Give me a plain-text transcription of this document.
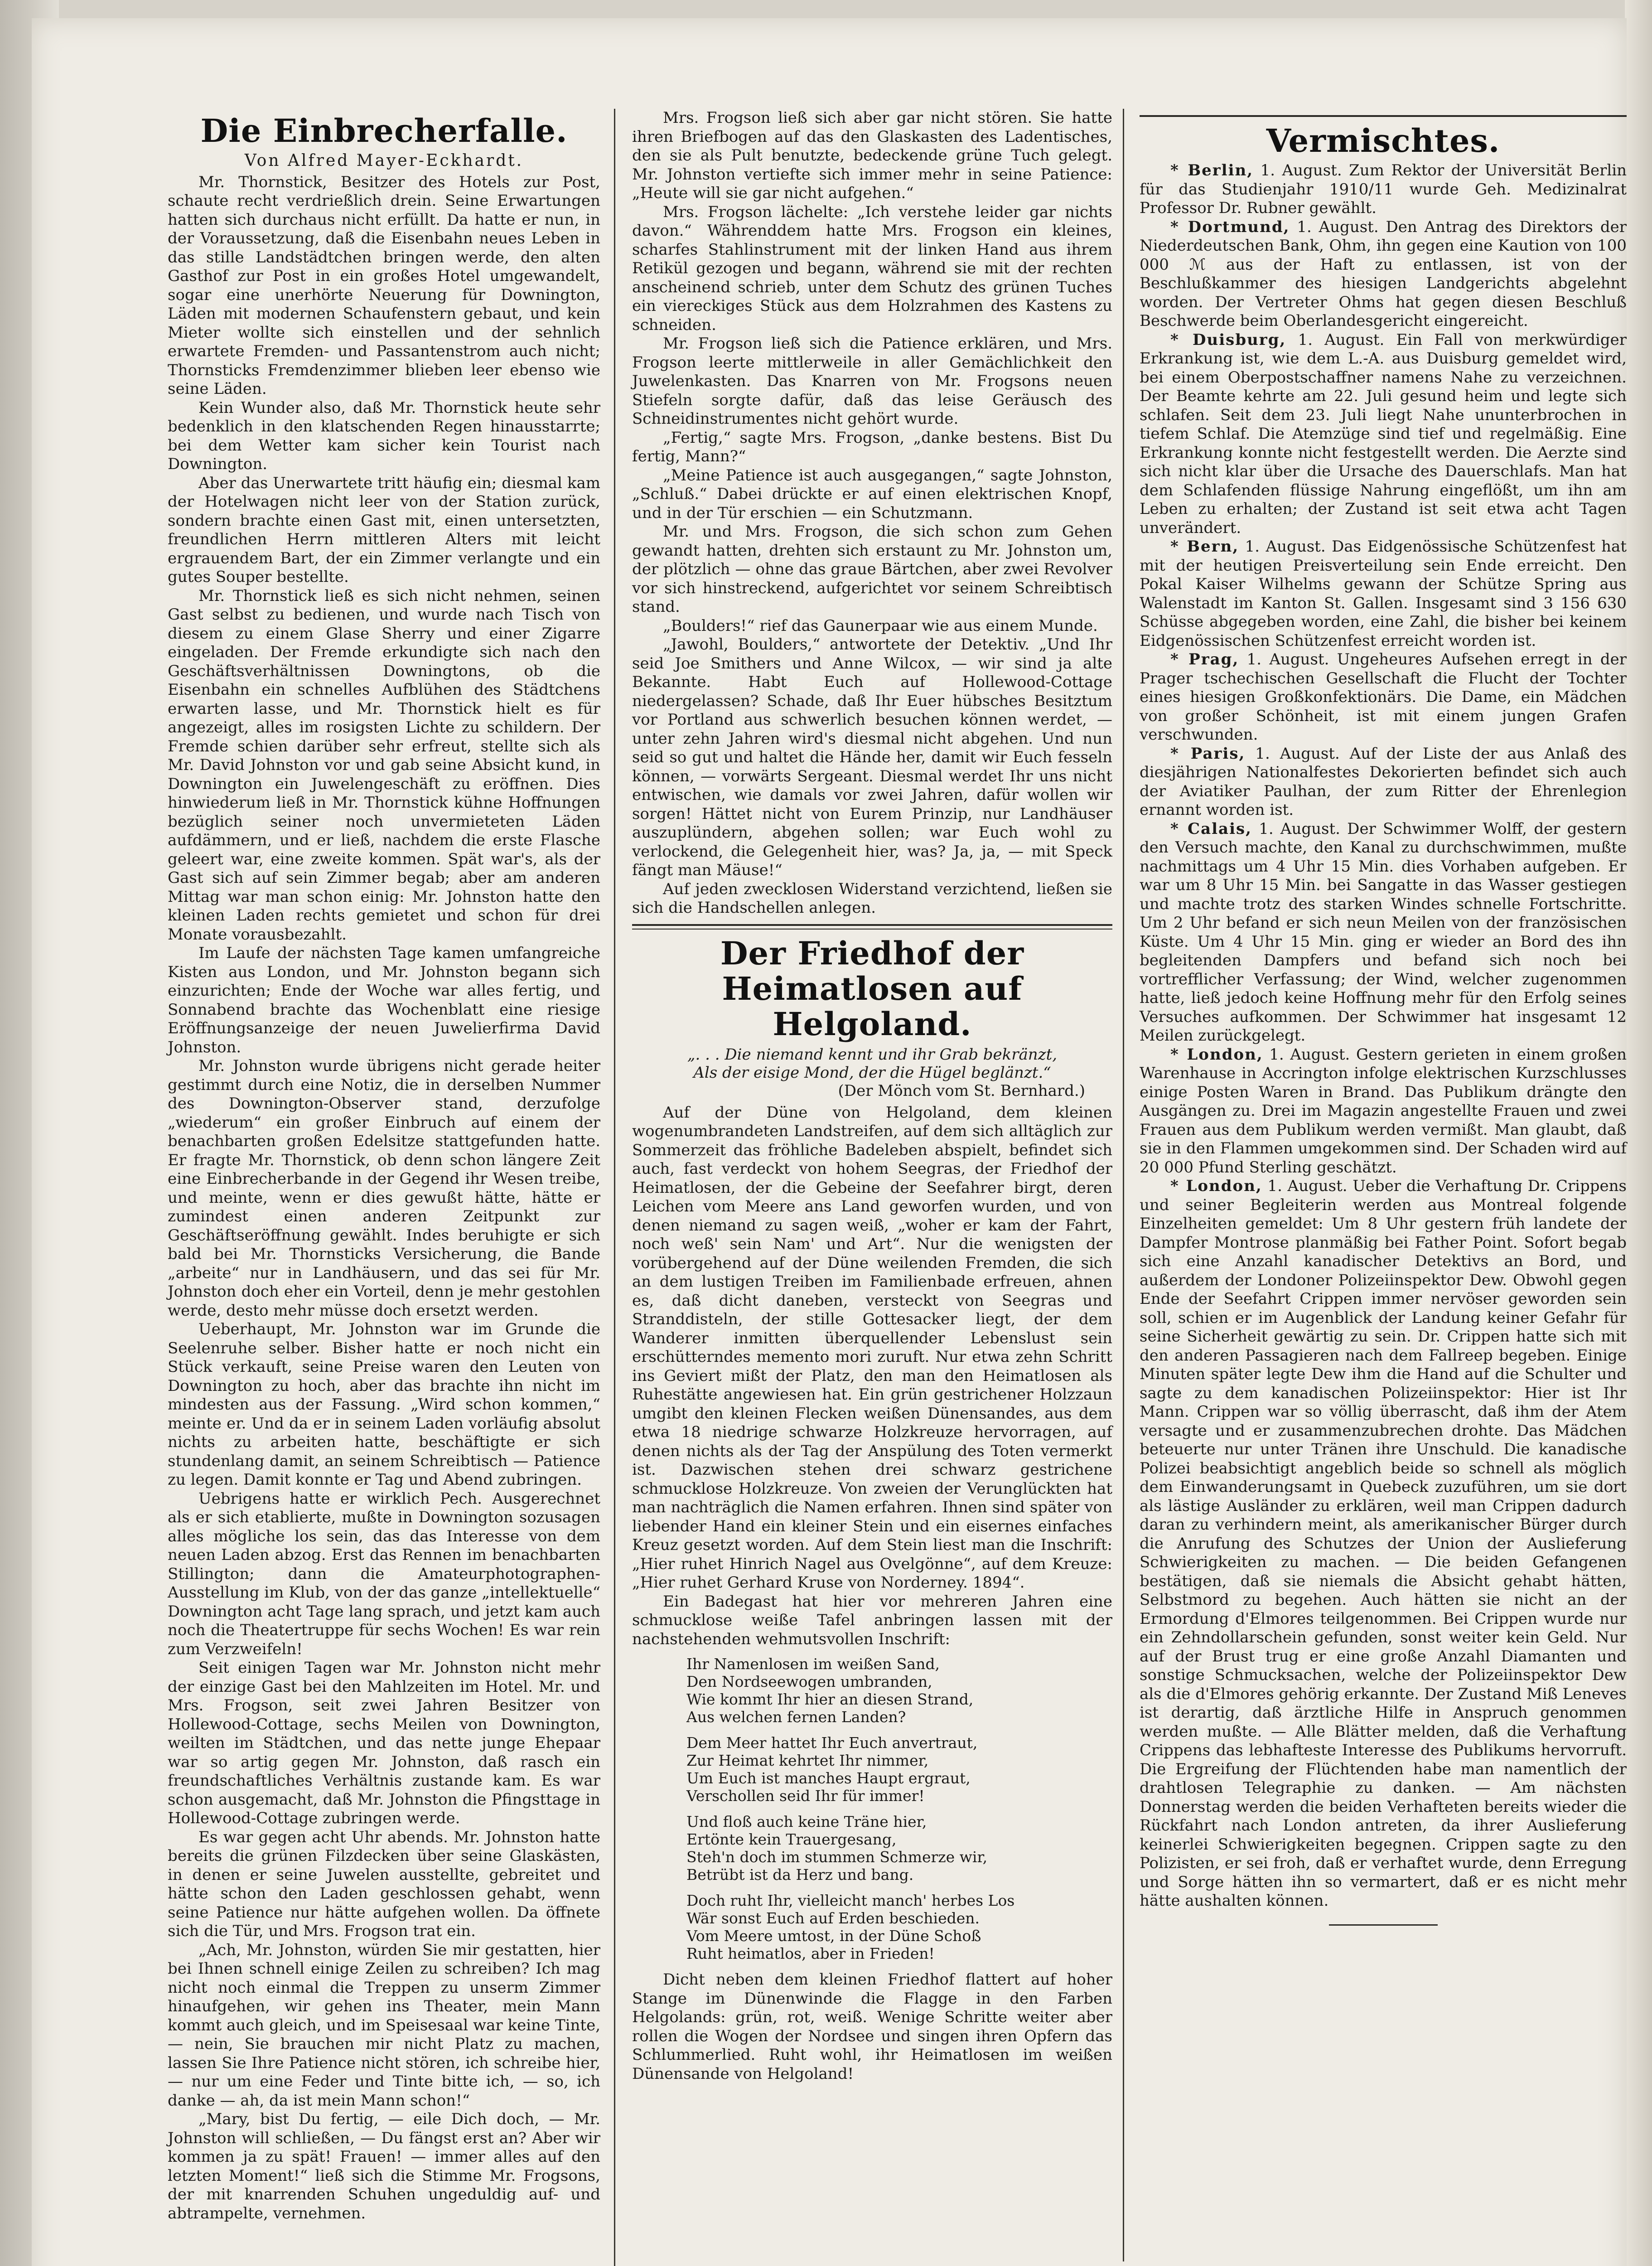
Die Einbrecherfalle.
Von Alfred Mayer-Eckhardt.

Mr. Thornstick, Besitzer des Hotels zur Post, schaute recht verdrießlich drein. Seine Erwartungen hatten sich durchaus nicht erfüllt. Da hatte er nun, in der Voraussetzung, daß die Eisenbahn neues Leben in das stille Landstädtchen bringen werde, den alten Gasthof zur Post in ein großes Hotel umgewandelt, sogar eine unerhörte Neuerung für Downington, Läden mit modernen Schaufenstern gebaut, und kein Mieter wollte sich einstellen und der sehnlich erwartete Fremden- und Passantenstrom auch nicht; Thornsticks Fremdenzimmer blieben leer ebenso wie seine Läden.

Kein Wunder also, daß Mr. Thornstick heute sehr bedenklich in den klatschenden Regen hinausstarrte; bei dem Wetter kam sicher kein Tourist nach Downington.

Aber das Unerwartete tritt häufig ein; diesmal kam der Hotelwagen nicht leer von der Station zurück, sondern brachte einen Gast mit, einen untersetzten, freundlichen Herrn mittleren Alters mit leicht ergrauendem Bart, der ein Zimmer verlangte und ein gutes Souper bestellte.

Mr. Thornstick ließ es sich nicht nehmen, seinen Gast selbst zu bedienen, und wurde nach Tisch von diesem zu einem Glase Sherry und einer Zigarre eingeladen. Der Fremde erkundigte sich nach den Geschäftsverhältnissen Downingtons, ob die Eisenbahn ein schnelles Aufblühen des Städtchens erwarten lasse, und Mr. Thornstick hielt es für angezeigt, alles im rosigsten Lichte zu schildern. Der Fremde schien darüber sehr erfreut, stellte sich als Mr. David Johnston vor und gab seine Absicht kund, in Downington ein Juwelengeschäft zu eröffnen. Dies hinwiederum ließ in Mr. Thornstick kühne Hoffnungen bezüglich seiner noch unvermieteten Läden aufdämmern, und er ließ, nachdem die erste Flasche geleert war, eine zweite kommen. Spät war's, als der Gast sich auf sein Zimmer begab; aber am anderen Mittag war man schon einig: Mr. Johnston hatte den kleinen Laden rechts gemietet und schon für drei Monate vorausbezahlt.

Im Laufe der nächsten Tage kamen umfangreiche Kisten aus London, und Mr. Johnston begann sich einzurichten; Ende der Woche war alles fertig, und Sonnabend brachte das Wochenblatt eine riesige Eröffnungsanzeige der neuen Juwelierfirma David Johnston.

Mr. Johnston wurde übrigens nicht gerade heiter gestimmt durch eine Notiz, die in derselben Nummer des Downington-Observer stand, derzufolge „wiederum“ ein großer Einbruch auf einem der benachbarten großen Edelsitze stattgefunden hatte. Er fragte Mr. Thornstick, ob denn schon längere Zeit eine Einbrecherbande in der Gegend ihr Wesen treibe, und meinte, wenn er dies gewußt hätte, hätte er zumindest einen anderen Zeitpunkt zur Geschäftseröffnung gewählt. Indes beruhigte er sich bald bei Mr. Thornsticks Versicherung, die Bande „arbeite“ nur in Landhäusern, und das sei für Mr. Johnston doch eher ein Vorteil, denn je mehr gestohlen werde, desto mehr müsse doch ersetzt werden.

Ueberhaupt, Mr. Johnston war im Grunde die Seelenruhe selber. Bisher hatte er noch nicht ein Stück verkauft, seine Preise waren den Leuten von Downington zu hoch, aber das brachte ihn nicht im mindesten aus der Fassung. „Wird schon kommen,“ meinte er. Und da er in seinem Laden vorläufig absolut nichts zu arbeiten hatte, beschäftigte er sich stundenlang damit, an seinem Schreibtisch — Patience zu legen. Damit konnte er Tag und Abend zubringen.

Uebrigens hatte er wirklich Pech. Ausgerechnet als er sich etablierte, mußte in Downington sozusagen alles mögliche los sein, das das Interesse von dem neuen Laden abzog. Erst das Rennen im benachbarten Stillington; dann die Amateurphotographen-Ausstellung im Klub, von der das ganze „intellektuelle“ Downington acht Tage lang sprach, und jetzt kam auch noch die Theatertruppe für sechs Wochen! Es war rein zum Verzweifeln!

Seit einigen Tagen war Mr. Johnston nicht mehr der einzige Gast bei den Mahlzeiten im Hotel. Mr. und Mrs. Frogson, seit zwei Jahren Besitzer von Hollewood-Cottage, sechs Meilen von Downington, weilten im Städtchen, und das nette junge Ehepaar war so artig gegen Mr. Johnston, daß rasch ein freundschaftliches Verhältnis zustande kam. Es war schon ausgemacht, daß Mr. Johnston die Pfingsttage in Hollewood-Cottage zubringen werde.

Es war gegen acht Uhr abends. Mr. Johnston hatte bereits die grünen Filzdecken über seine Glaskästen, in denen er seine Juwelen ausstellte, gebreitet und hätte schon den Laden geschlossen gehabt, wenn seine Patience nur hätte aufgehen wollen. Da öffnete sich die Tür, und Mrs. Frogson trat ein.

„Ach, Mr. Johnston, würden Sie mir gestatten, hier bei Ihnen schnell einige Zeilen zu schreiben? Ich mag nicht noch einmal die Treppen zu unserm Zimmer hinaufgehen, wir gehen ins Theater, mein Mann kommt auch gleich, und im Speisesaal war keine Tinte, — nein, Sie brauchen mir nicht Platz zu machen, lassen Sie Ihre Patience nicht stören, ich schreibe hier, — nur um eine Feder und Tinte bitte ich, — so, ich danke — ah, da ist mein Mann schon!“

„Mary, bist Du fertig, — eile Dich doch, — Mr. Johnston will schließen, — Du fängst erst an? Aber wir kommen ja zu spät! Frauen! — immer alles auf den letzten Moment!“ ließ sich die Stimme Mr. Frogsons, der mit knarrenden Schuhen ungeduldig auf- und abtrampelte, vernehmen.

Mrs. Frogson ließ sich aber gar nicht stören. Sie hatte ihren Briefbogen auf das den Glaskasten des Ladentisches, den sie als Pult benutzte, bedeckende grüne Tuch gelegt. Mr. Johnston vertiefte sich immer mehr in seine Patience: „Heute will sie gar nicht aufgehen.“

Mrs. Frogson lächelte: „Ich verstehe leider gar nichts davon.“ Währenddem hatte Mrs. Frogson ein kleines, scharfes Stahlinstrument mit der linken Hand aus ihrem Retikül gezogen und begann, während sie mit der rechten anscheinend schrieb, unter dem Schutz des grünen Tuches ein viereckiges Stück aus dem Holzrahmen des Kastens zu schneiden.

Mr. Frogson ließ sich die Patience erklären, und Mrs. Frogson leerte mittlerweile in aller Gemächlichkeit den Juwelenkasten. Das Knarren von Mr. Frogsons neuen Stiefeln sorgte dafür, daß das leise Geräusch des Schneidinstrumentes nicht gehört wurde.

„Fertig,“ sagte Mrs. Frogson, „danke bestens. Bist Du fertig, Mann?“

„Meine Patience ist auch ausgegangen,“ sagte Johnston, „Schluß.“ Dabei drückte er auf einen elektrischen Knopf, und in der Tür erschien — ein Schutzmann.

Mr. und Mrs. Frogson, die sich schon zum Gehen gewandt hatten, drehten sich erstaunt zu Mr. Johnston um, der plötzlich — ohne das graue Bärtchen, aber zwei Revolver vor sich hinstreckend, aufgerichtet vor seinem Schreibtisch stand.

„Boulders!“ rief das Gaunerpaar wie aus einem Munde.

„Jawohl, Boulders,“ antwortete der Detektiv. „Und Ihr seid Joe Smithers und Anne Wilcox, — wir sind ja alte Bekannte. Habt Euch auf Hollewood-Cottage niedergelassen? Schade, daß Ihr Euer hübsches Besitztum vor Portland aus schwerlich besuchen können werdet, — unter zehn Jahren wird's diesmal nicht abgehen. Und nun seid so gut und haltet die Hände her, damit wir Euch fesseln können, — vorwärts Sergeant. Diesmal werdet Ihr uns nicht entwischen, wie damals vor zwei Jahren, dafür wollen wir sorgen! Hättet nicht von Eurem Prinzip, nur Landhäuser auszuplündern, abgehen sollen; war Euch wohl zu verlockend, die Gelegenheit hier, was? Ja, ja, — mit Speck fängt man Mäuse!“

Auf jeden zwecklosen Widerstand verzichtend, ließen sie sich die Handschellen anlegen.

Der Friedhof der Heimatlosen auf Helgoland.
„. . . Die niemand kennt und ihr Grab bekränzt,
Als der eisige Mond, der die Hügel beglänzt.“
(Der Mönch vom St. Bernhard.)

Auf der Düne von Helgoland, dem kleinen wogenumbrandeten Landstreifen, auf dem sich alltäglich zur Sommerzeit das fröhliche Badeleben abspielt, befindet sich auch, fast verdeckt von hohem Seegras, der Friedhof der Heimatlosen, der die Gebeine der Seefahrer birgt, deren Leichen vom Meere ans Land geworfen wurden, und von denen niemand zu sagen weiß, „woher er kam der Fahrt, noch weß' sein Nam' und Art“. Nur die wenigsten der vorübergehend auf der Düne weilenden Fremden, die sich an dem lustigen Treiben im Familienbade erfreuen, ahnen es, daß dicht daneben, versteckt von Seegras und Stranddisteln, der stille Gottesacker liegt, der dem Wanderer inmitten überquellender Lebenslust sein erschütterndes memento mori zuruft. Nur etwa zehn Schritt ins Geviert mißt der Platz, den man den Heimatlosen als Ruhestätte angewiesen hat. Ein grün gestrichener Holzzaun umgibt den kleinen Flecken weißen Dünensandes, aus dem etwa 18 niedrige schwarze Holzkreuze hervorragen, auf denen nichts als der Tag der Anspülung des Toten vermerkt ist. Dazwischen stehen drei schwarz gestrichene schmucklose Holzkreuze. Von zweien der Verunglückten hat man nachträglich die Namen erfahren. Ihnen sind später von liebender Hand ein kleiner Stein und ein eisernes einfaches Kreuz gesetzt worden. Auf dem Stein liest man die Inschrift: „Hier ruhet Hinrich Nagel aus Ovelgönne“, auf dem Kreuze: „Hier ruhet Gerhard Kruse von Norderney. 1894“.

Ein Badegast hat hier vor mehreren Jahren eine schmucklose weiße Tafel anbringen lassen mit der nachstehenden wehmutsvollen Inschrift:

Ihr Namenlosen im weißen Sand,
Den Nordseewogen umbranden,
Wie kommt Ihr hier an diesen Strand,
Aus welchen fernen Landen?
Dem Meer hattet Ihr Euch anvertraut,
Zur Heimat kehrtet Ihr nimmer,
Um Euch ist manches Haupt ergraut,
Verschollen seid Ihr für immer!
Und floß auch keine Träne hier,
Ertönte kein Trauergesang,
Steh'n doch im stummen Schmerze wir,
Betrübt ist da Herz und bang.
Doch ruht Ihr, vielleicht manch' herbes Los
Wär sonst Euch auf Erden beschieden.
Vom Meere umtost, in der Düne Schoß
Ruht heimatlos, aber in Frieden!

Dicht neben dem kleinen Friedhof flattert auf hoher Stange im Dünenwinde die Flagge in den Farben Helgolands: grün, rot, weiß. Wenige Schritte weiter aber rollen die Wogen der Nordsee und singen ihren Opfern das Schlummerlied. Ruht wohl, ihr Heimatlosen im weißen Dünensande von Helgoland!

Vermischtes.

* Berlin, 1. August. Zum Rektor der Universität Berlin für das Studienjahr 1910/11 wurde Geh. Medizinalrat Professor Dr. Rubner gewählt.

* Dortmund, 1. August. Den Antrag des Direktors der Niederdeutschen Bank, Ohm, ihn gegen eine Kaution von 100 000 ℳ aus der Haft zu entlassen, ist von der Beschlußkammer des hiesigen Landgerichts abgelehnt worden. Der Vertreter Ohms hat gegen diesen Beschluß Beschwerde beim Oberlandesgericht eingereicht.

* Duisburg, 1. August. Ein Fall von merkwürdiger Erkrankung ist, wie dem L.-A. aus Duisburg gemeldet wird, bei einem Oberpostschaffner namens Nahe zu verzeichnen. Der Beamte kehrte am 22. Juli gesund heim und legte sich schlafen. Seit dem 23. Juli liegt Nahe ununterbrochen in tiefem Schlaf. Die Atemzüge sind tief und regelmäßig. Eine Erkrankung konnte nicht festgestellt werden. Die Aerzte sind sich nicht klar über die Ursache des Dauerschlafs. Man hat dem Schlafenden flüssige Nahrung eingeflößt, um ihn am Leben zu erhalten; der Zustand ist seit etwa acht Tagen unverändert.

* Bern, 1. August. Das Eidgenössische Schützenfest hat mit der heutigen Preisverteilung sein Ende erreicht. Den Pokal Kaiser Wilhelms gewann der Schütze Spring aus Walenstadt im Kanton St. Gallen. Insgesamt sind 3 156 630 Schüsse abgegeben worden, eine Zahl, die bisher bei keinem Eidgenössischen Schützenfest erreicht worden ist.

* Prag, 1. August. Ungeheures Aufsehen erregt in der Prager tschechischen Gesellschaft die Flucht der Tochter eines hiesigen Großkonfektionärs. Die Dame, ein Mädchen von großer Schönheit, ist mit einem jungen Grafen verschwunden.

* Paris, 1. August. Auf der Liste der aus Anlaß des diesjährigen Nationalfestes Dekorierten befindet sich auch der Aviatiker Paulhan, der zum Ritter der Ehrenlegion ernannt worden ist.

* Calais, 1. August. Der Schwimmer Wolff, der gestern den Versuch machte, den Kanal zu durchschwimmen, mußte nachmittags um 4 Uhr 15 Min. dies Vorhaben aufgeben. Er war um 8 Uhr 15 Min. bei Sangatte in das Wasser gestiegen und machte trotz des starken Windes schnelle Fortschritte. Um 2 Uhr befand er sich neun Meilen von der französischen Küste. Um 4 Uhr 15 Min. ging er wieder an Bord des ihn begleitenden Dampfers und befand sich noch bei vortrefflicher Verfassung; der Wind, welcher zugenommen hatte, ließ jedoch keine Hoffnung mehr für den Erfolg seines Versuches aufkommen. Der Schwimmer hat insgesamt 12 Meilen zurückgelegt.

* London, 1. August. Gestern gerieten in einem großen Warenhause in Accrington infolge elektrischen Kurzschlusses einige Posten Waren in Brand. Das Publikum drängte den Ausgängen zu. Drei im Magazin angestellte Frauen und zwei Frauen aus dem Publikum werden vermißt. Man glaubt, daß sie in den Flammen umgekommen sind. Der Schaden wird auf 20 000 Pfund Sterling geschätzt.

* London, 1. August. Ueber die Verhaftung Dr. Crippens und seiner Begleiterin werden aus Montreal folgende Einzelheiten gemeldet: Um 8 Uhr gestern früh landete der Dampfer Montrose planmäßig bei Father Point. Sofort begab sich eine Anzahl kanadischer Detektivs an Bord, und außerdem der Londoner Polizeiinspektor Dew. Obwohl gegen Ende der Seefahrt Crippen immer nervöser geworden sein soll, schien er im Augenblick der Landung keiner Gefahr für seine Sicherheit gewärtig zu sein. Dr. Crippen hatte sich mit den anderen Passagieren nach dem Fallreep begeben. Einige Minuten später legte Dew ihm die Hand auf die Schulter und sagte zu dem kanadischen Polizeiinspektor: Hier ist Ihr Mann. Crippen war so völlig überrascht, daß ihm der Atem versagte und er zusammenzubrechen drohte. Das Mädchen beteuerte nur unter Tränen ihre Unschuld. Die kanadische Polizei beabsichtigt angeblich beide so schnell als möglich dem Einwanderungsamt in Quebeck zuzuführen, um sie dort als lästige Ausländer zu erklären, weil man Crippen dadurch daran zu verhindern meint, als amerikanischer Bürger durch die Anrufung des Schutzes der Union der Auslieferung Schwierigkeiten zu machen. — Die beiden Gefangenen bestätigen, daß sie niemals die Absicht gehabt hätten, Selbstmord zu begehen. Auch hätten sie nicht an der Ermordung d'Elmores teilgenommen. Bei Crippen wurde nur ein Zehndollarschein gefunden, sonst weiter kein Geld. Nur auf der Brust trug er eine große Anzahl Diamanten und sonstige Schmucksachen, welche der Polizeiinspektor Dew als die d'Elmores gehörig erkannte. Der Zustand Miß Leneves ist derartig, daß ärztliche Hilfe in Anspruch genommen werden mußte. — Alle Blätter melden, daß die Verhaftung Crippens das lebhafteste Interesse des Publikums hervorruft. Die Ergreifung der Flüchtenden habe man namentlich der drahtlosen Telegraphie zu danken. — Am nächsten Donnerstag werden die beiden Verhafteten bereits wieder die Rückfahrt nach London antreten, da ihrer Auslieferung keinerlei Schwierigkeiten begegnen. Crippen sagte zu den Polizisten, er sei froh, daß er verhaftet wurde, denn Erregung und Sorge hätten ihn so vermartert, daß er es nicht mehr hätte aushalten können.
